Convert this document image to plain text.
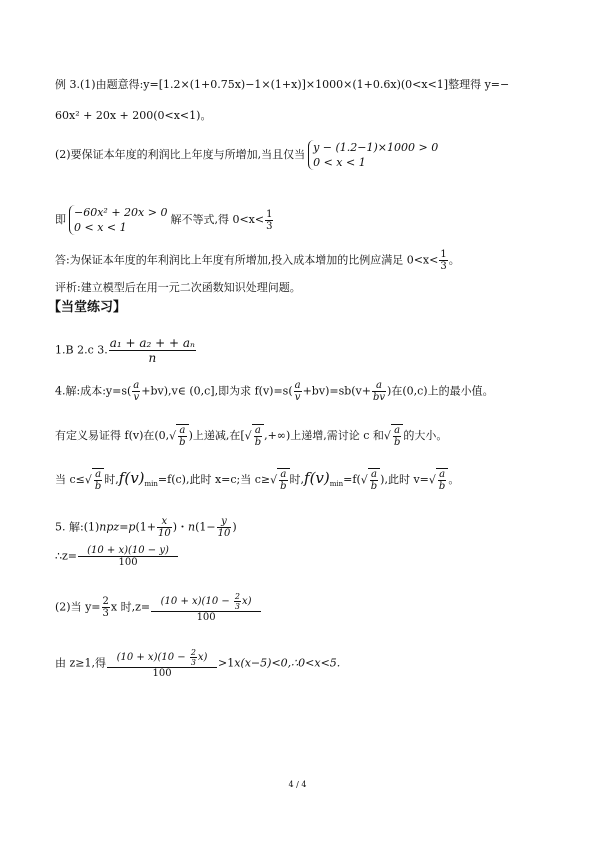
例 3.(1)由题意得:y=[1.2×(1+0.75x)−1×(1+x)]×1000×(1+0.6x)(0<x<1]整理得 y=−
60x² + 20x + 200(0<x<1)。
(2)要保证本年度的利润比上年度与所增加,当且仅当
y − (1.2−1)×1000 > 0
0 < x < 1
即
−60x² + 20x > 0
0 < x < 1
解不等式,得 $0<x< \frac{1}{3}$
答:为保证本年度的年利润比上年度有所增加,投入成本增加的比例应满足 $0<x< \frac{1}{3}$ 。
评析:建立模型后在用一元二次函数知识处理问题。
【当堂练习】
1.B 2.c 3. $\frac{\text{a₁ + a₂ + + aₙ}}{n}$
4.解:成本:y=s( $\frac{a}{v}$ +bv),v∈ (0,c],即为求 $f(v)=s( \frac{a}{v} +bv)=sb(v+ \frac{a}{bv}$ )在(0,c)上的最小值。
有定义易证得 f(v)在($0,√ \frac{a}{b}$ )上递减,在[√ $\frac{a}{b}$ ,+∞)上递增,需讨论 c 和√ $\frac{a}{b}$ 的大小。
当 $c\le√ \frac{a}{b}$ 时$,f(v)_{min}=f(c)$,此时 x=c;当 $c\ge√ \frac{a}{b}$ 时$,f(v)_{min}=f(√ \frac{a}{b}$ ),此时 $v=√ \frac{a}{b}$ 。
5. 解:(1)npz=p(1+ $\frac{x}{10}$ )・$n(1- \frac{y}{10}$ )
∴z= $\frac{(10 + x)(10 - y)}{100}$
(2)当 $y= \frac{2}{3}$ x 时$,z= \frac{(10 + x)(10 - \frac{2}{3} x)}{100}$
由 z≥1,得 $\frac{(10 + x)(10 - \frac{2}{3} x)}{100}$ >1x(x−5)<0,∴0<x<5.
4 / 4
